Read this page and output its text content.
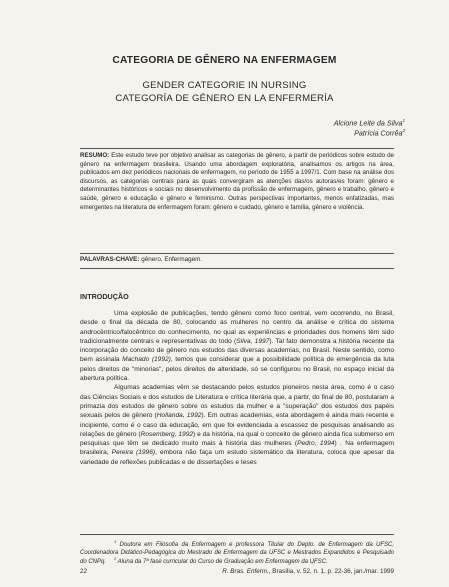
CATEGORIA DE GÊNERO NA ENFERMAGEM
GENDER CATEGORIE IN NURSING
CATEGORÍA DE GÉNERO EN LA ENFERMERÍA
Alcione Leite da Silva$^1$
Patrícia Corrêa$^2$
RESUMO: Este estudo teve por objetivo analisar as categorias de gênero, a partir de periódicos sobre estudo de gênero na enfermagem brasileira. Usando uma abordagem exploratória, analisamos os artigos na área, publicados em dez periódicos nacionais de enfermagem, no período de 1955 a 1997/1. Com base na análise dos discursos, as categorias centrais para as quais convergiram as atenções das/os autoras/es foram: gênero e determinantes históricos e sociais no desenvolvimento da profissão de enfermagem, gênero e trabalho, gênero e saúde, gênero e educação e gênero e feminismo. Outras perspectivas importantes, menos enfatizadas, mas emergentes na literatura de enfermagem foram: gênero e cuidado, gênero e família, gênero e violência.
PALAVRAS-CHAVE: gênero, Enfermagem.
INTRODUÇÃO

Uma explosão de publicações, tendo gênero como foco central, vem ocorrendo, no Brasil, desde o final da década de 80, colocando as mulheres no centro da análise e crítica do sistema androcêntrico/falocêntrico do conhecimento, no qual as experiências e prioridades dos homens têm sido tradicionalmente centrais e representativas do todo (Silva, 1997). Tal fato demonstra a história recente da incorporação do conceito de gênero nos estudos das diversas academias, no Brasil. Neste sentido, como bem assinala Machado (1992), temos que considerar que a possibilidade política de emergência da luta pelos direitos de "minorias", pelos direitos de alteridade, só se configurou no Brasil, no espaço inicial da abertura política.

Algumas academias vêm se destacando pelos estudos pioneiros nesta área, como é o caso das Ciências Sociais e dos estudos de Literatura e crítica literária que, a partir, do final de 80, postularam a primazia dos estudos de gênero sobre os estudos da mulher e a "superação" dos estudos dos papéis sexuais pelos de gênero (Hollanda, 1992). Em outras academias, esta abordagem é ainda mais recente e incipiente, como é o caso da educação, em que foi evidenciada a escassez de pesquisas analisando as relações de gênero (Rosemberg, 1992) e da história, na qual o conceito de gênero ainda fica submerso em pesquisas que têm se dedicado muito mais à história das mulheres (Pedro, 1994) . Na enfermagem brasileira, Pereira (1996), embora não faça um estudo sistemático da literatura, coloca que apesar da variedade de reflexões publicadas e de dissertações e teses

$^1$ Doutora em Filosofia da Enfermagem e professora Titular do Depto. de Enfermagem da UFSC, Coordenadora Didático-Pedagógica do Mestrado de Enfermagem da UFSC e Mestrados Expandidos e Pesquisado do CNPq.
$^2$ Aluna da 7ª fase curricular do Curso de Graduação em Enfermagem da UFSC.
22	R. Bras. Enferm., Brasília, v. 52, n. 1, p. 22-36, jan./mar. 1999
